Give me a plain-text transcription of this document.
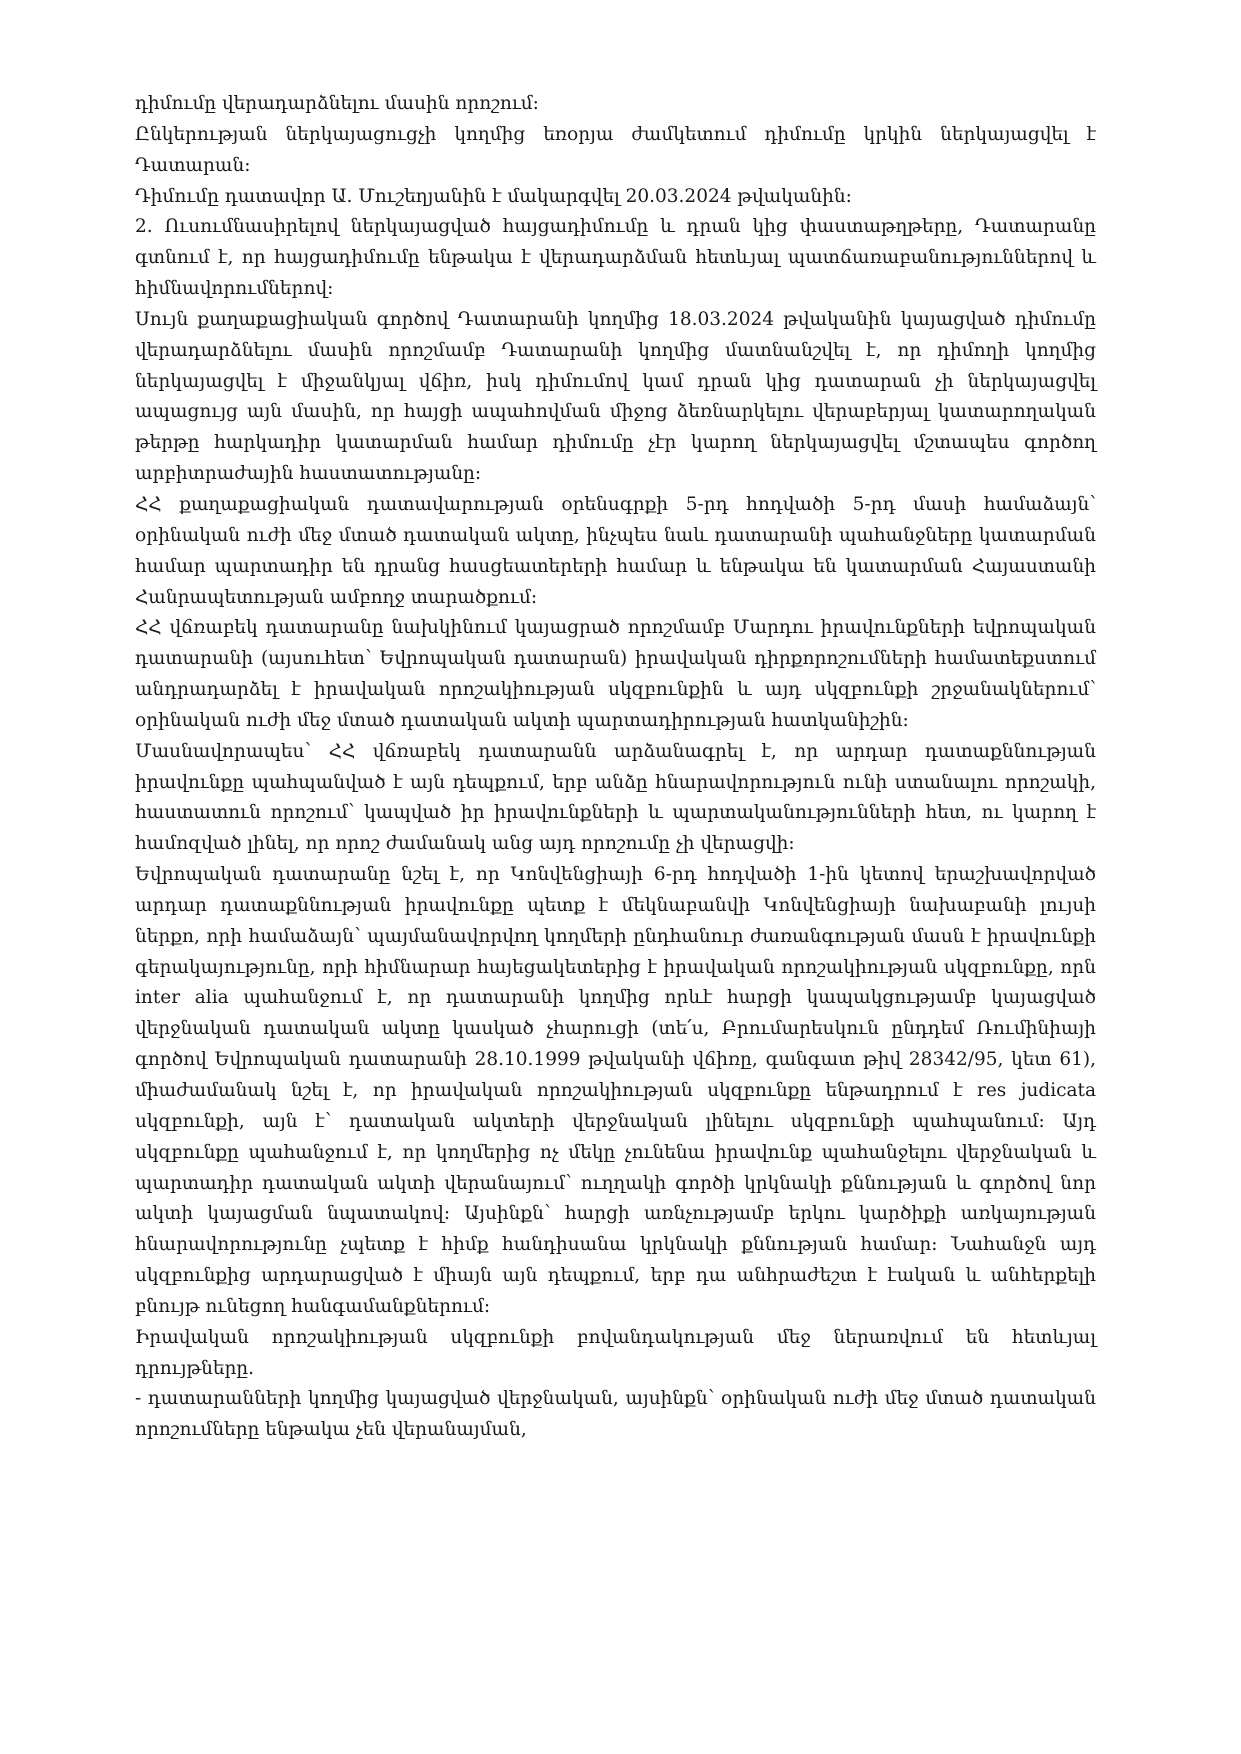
դիմումը վերադարձնելու մասին որոշում:

Ընկերության ներկայացուցչի կողմից եռօրյա ժամկետում դիմումը կրկին ներկայացվել է Դատարան:

Դիմումը դատավոր Ա. Մուշեղյանին է մակարգվել 20.03.2024 թվականին:

2. Ուսումնասիրելով ներկայացված հայցադիմումը և դրան կից փաստաթղթերը, Դատարանը գտնում է, որ հայցադիմումը ենթակա է վերադարձման հետևյալ պատճառաբանություններով և հիմնավորումներով:

Սույն քաղաքացիական գործով Դատարանի կողմից 18.03.2024 թվականին կայացված դիմումը վերադարձնելու մասին որոշմամբ Դատարանի կողմից մատնանշվել է, որ դիմողի կողմից ներկայացվել է միջանկյալ վճիռ, իսկ դիմումով կամ դրան կից դատարան չի ներկայացվել ապացույց այն մասին, որ հայցի ապահովման միջոց ձեռնարկելու վերաբերյալ կատարողական թերթը հարկադիր կատարման համար դիմումը չէր կարող ներկայացվել մշտապես գործող արբիտրաժային հաստատությանը:

ՀՀ քաղաքացիական դատավարության օրենսգրքի 5-րդ հոդվածի 5-րդ մասի համաձայն՝ օրինական ուժի մեջ մտած դատական ակտը, ինչպես նաև դատարանի պահանջները կատարման համար պարտադիր են դրանց հասցեատերերի համար և ենթակա են կատարման Հայաստանի Հանրապետության ամբողջ տարածքում:

ՀՀ վճռաբեկ դատարանը նախկինում կայացրած որոշմամբ Մարդու իրավունքների եվրոպական դատարանի (այսուհետ՝ Եվրոպական դատարան) իրավական դիրքորոշումների համատեքստում անդրադարձել է իրավական որոշակիության սկզբունքին և այդ սկզբունքի շրջանակներում՝ օրինական ուժի մեջ մտած դատական ակտի պարտադիրության հատկանիշին:

Մասնավորապես՝ ՀՀ վճռաբեկ դատարանն արձանագրել է, որ արդար դատաքննության իրավունքը պահպանված է այն դեպքում, երբ անձը հնարավորություն ունի ստանալու որոշակի, հաստատուն որոշում՝ կապված իր իրավունքների և պարտականությունների հետ, ու կարող է համոզված լինել, որ որոշ ժամանակ անց այդ որոշումը չի վերացվի:

Եվրոպական դատարանը նշել է, որ Կոնվենցիայի 6-րդ հոդվածի 1-ին կետով երաշխավորված արդար դատաքննության իրավունքը պետք է մեկնաբանվի Կոնվենցիայի նախաբանի լույսի ներքո, որի համաձայն՝ պայմանավորվող կողմերի ընդհանուր ժառանգության մասն է իրավունքի գերակայությունը, որի հիմնարար հայեցակետերից է իրավական որոշակիության սկզբունքը, որն inter alia պահանջում է, որ դատարանի կողմից որևէ հարցի կապակցությամբ կայացված վերջնական դատական ակտը կասկած չհարուցի (տե՛ս, Բրումարեսկուն ընդդեմ Ռումինիայի գործով Եվրոպական դատարանի 28.10.1999 թվականի վճիռը, գանգատ թիվ 28342/95, կետ 61), միաժամանակ նշել է, որ իրավական որոշակիության սկզբունքը ենթադրում է res judicata սկզբունքի, այն է՝ դատական ակտերի վերջնական լինելու սկզբունքի պահպանում: Այդ սկզբունքը պահանջում է, որ կողմերից ոչ մեկը չունենա իրավունք պահանջելու վերջնական և պարտադիր դատական ակտի վերանայում՝ ուղղակի գործի կրկնակի քննության և գործով նոր ակտի կայացման նպատակով: Այսինքն՝ հարցի առնչությամբ երկու կարծիքի առկայության հնարավորությունը չպետք է հիմք հանդիսանա կրկնակի քննության համար: Նահանջն այդ սկզբունքից արդարացված է միայն այն դեպքում, երբ դա անհրաժեշտ է էական և անհերքելի բնույթ ունեցող հանգամանքներում:

Իրավական որոշակիության սկզբունքի բովանդակության մեջ ներառվում են հետևյալ դրույթները.

- դատարանների կողմից կայացված վերջնական, այսինքն՝ օրինական ուժի մեջ մտած դատական որոշումները ենթակա չեն վերանայման,
